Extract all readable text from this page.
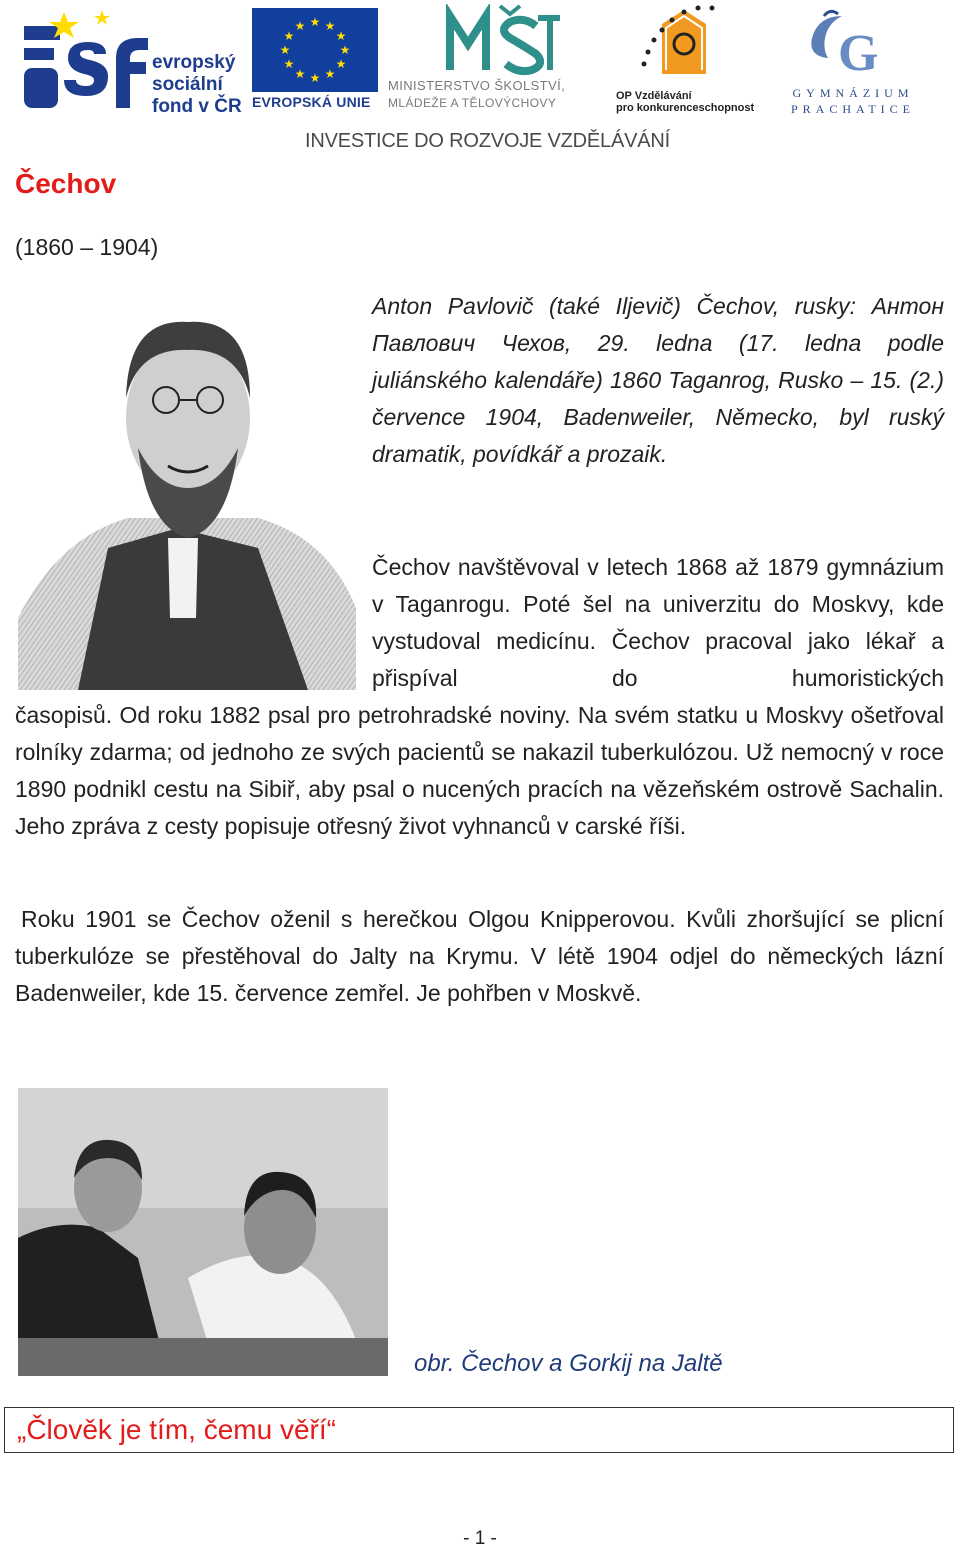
evropský
sociální
fond v ČR
★ ★
★
★
★
★
★
★
★
★
★
★
EVROPSKÁ UNIE
MINISTERSTVO ŠKOLSTVÍ,
MLÁDEŽE A TĚLOVÝCHOVY	OP Vzdělávání
pro konkurenceschopnost
G
GYMNÁZIUM
PRACHATICE
INVESTICE DO ROZVOJE VZDĚLÁVÁNÍ
Čechov
(1860 – 1904)

Anton Pavlovič (také Iljevič) Čechov, rusky: Антон Павлович Чехов, 29. ledna (17. ledna podle juliánského kalendáře) 1860 Taganrog, Rusko – 15. (2.) července 1904, Badenweiler, Německo, byl ruský dramatik, povídkář a prozaik.

Čechov navštěvoval v letech 1868 až 1879 gymnázium v Taganrogu. Poté šel na univerzitu do Moskvy, kde vystudoval medicínu. Čechov pracoval jako lékař a přispíval do humoristických

časopisů. Od roku 1882 psal pro petrohradské noviny. Na svém statku u Moskvy ošetřoval rolníky zdarma; od jednoho ze svých pacientů se nakazil tuberkulózou. Už nemocný v roce 1890 podnikl cestu na Sibiř, aby psal o nucených pracích na vězeňském ostrově Sachalin. Jeho zpráva z cesty popisuje otřesný život vyhnanců v carské říši.

Roku 1901 se Čechov oženil s herečkou Olgou Knipperovou. Kvůli zhoršující se plicní tuberkulóze se přestěhoval do Jalty na Krymu. V létě 1904 odjel do německých lázní Badenweiler, kde 15. července zemřel. Je pohřben v Moskvě.

obr. Čechov a Gorkij na Jaltě
„Člověk je tím, čemu věří“
- 1 -
